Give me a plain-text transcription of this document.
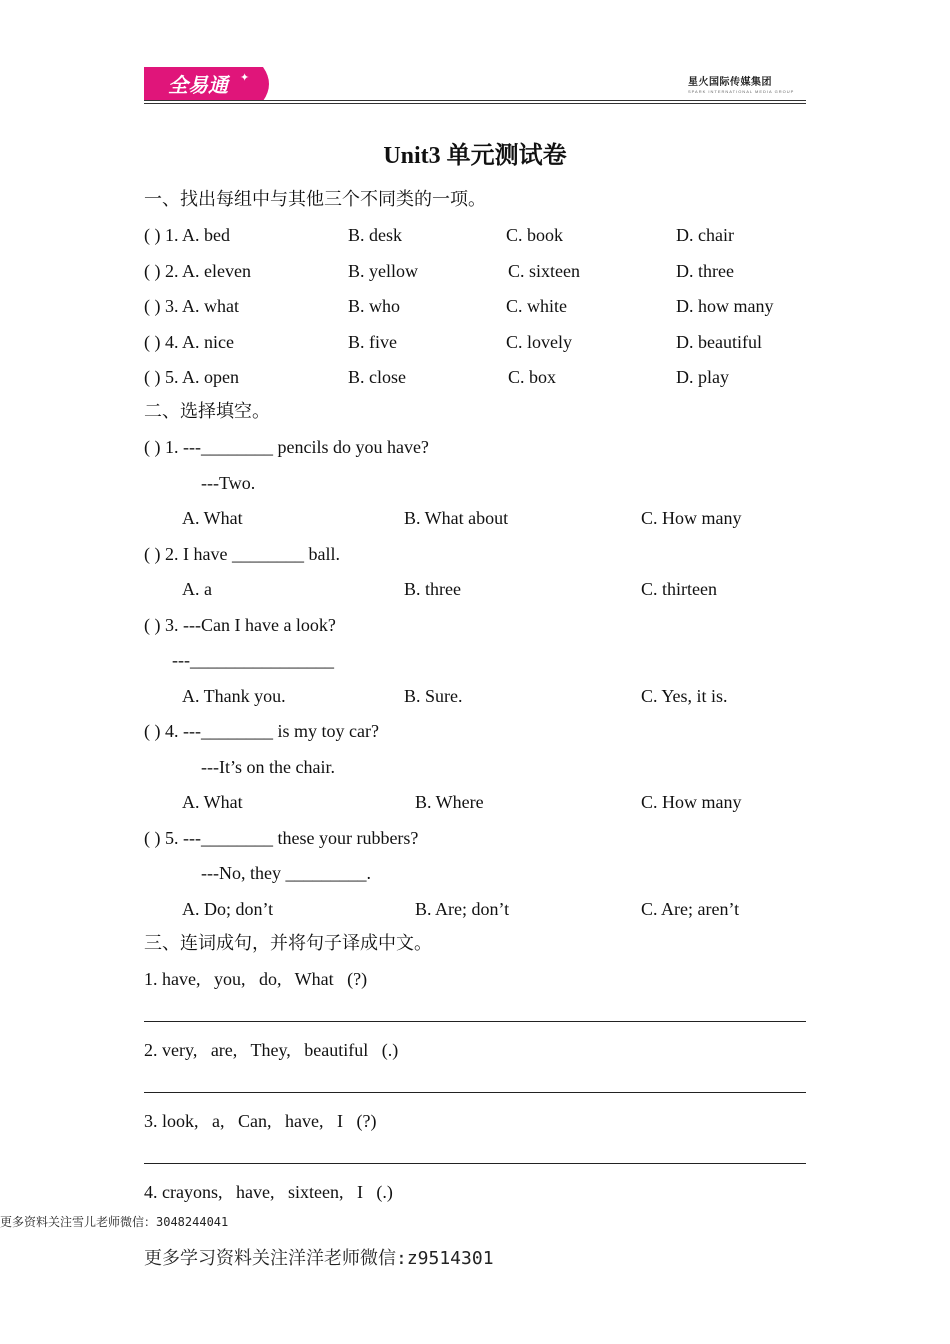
全易通 ✦	星火国际传媒集团
SPARK INTERNATIONAL MEDIA GROUP
Unit3 单元测试卷
一、找出每组中与其他三个不同类的一项。
( ) 1. A. bed	B. desk	C. book	D. chair
( ) 2. A. eleven	B. yellow	C. sixteen	D. three
( ) 3. A. what	B. who	C. white	D. how many
( ) 4. A. nice	B. five	C. lovely	D. beautiful
( ) 5. A. open	B. close	C. box	D. play
二、选择填空。
( ) 1. ---________ pencils do you have?
---Two.
A. What	B. What about	C. How many
( ) 2. I have ________ ball.
A. a	B. three	C. thirteen
( ) 3. ---Can I have a look?
---________________
A. Thank you.	B. Sure.	C. Yes, it is.
( ) 4. ---________ is my toy car?
---It’s on the chair.
A. What	B. Where	C. How many
( ) 5. ---________ these your rubbers?
---No, they _________.
A. Do; don’t	B. Are; don’t	C. Are; aren’t
三、连词成句，并将句子译成中文。
1. have,   you,   do,   What   (?)
2. very,   are,   They,   beautiful   (.)
3. look,   a,   Can,   have,   I   (?)
4. crayons,   have,   sixteen,   I   (.)
更多资料关注雪儿老师微信：3048244041
更多学习资料关注洋洋老师微信:z9514301
